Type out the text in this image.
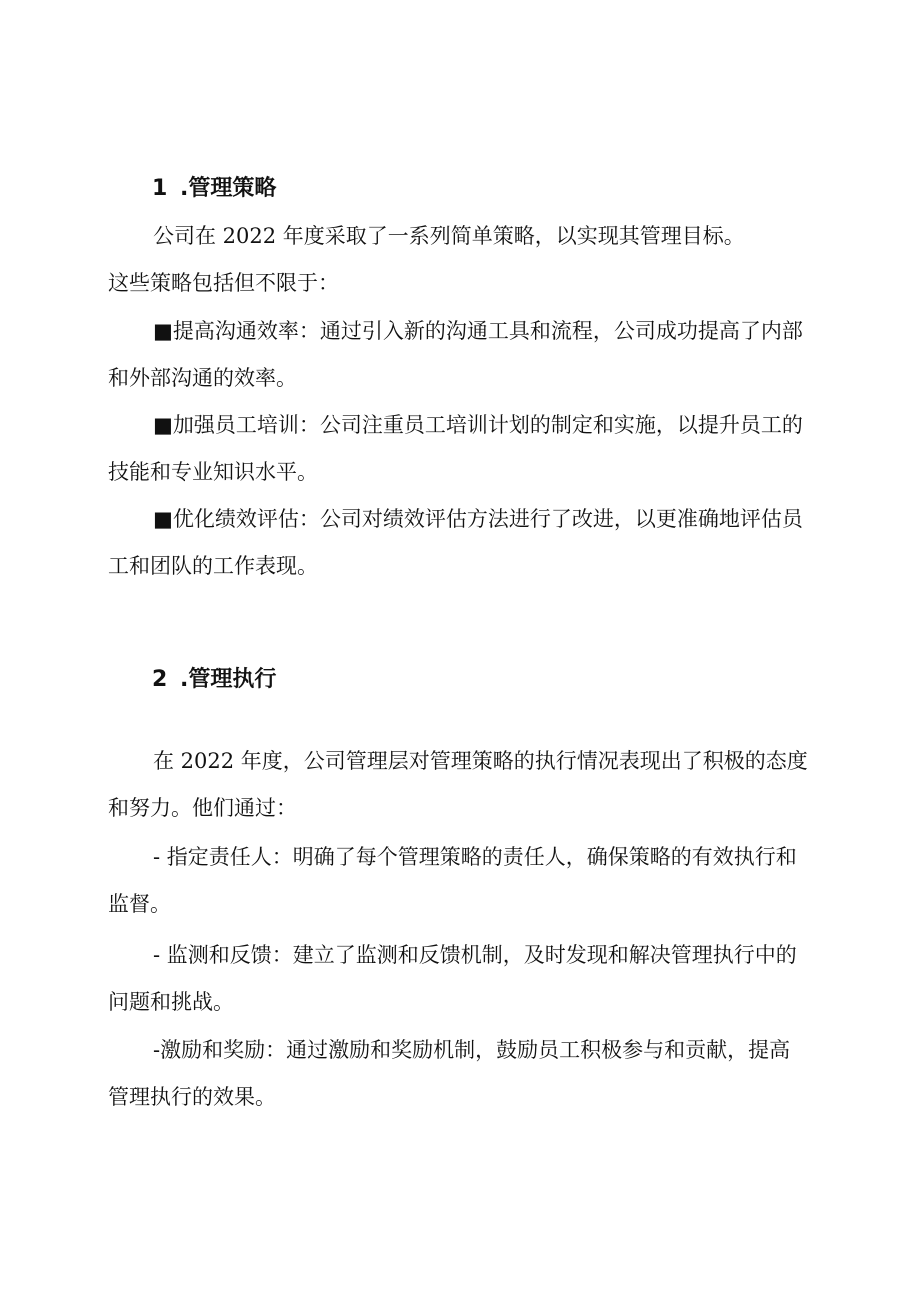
1 .管理策略
公司在 2022 年度采取了一系列简单策略，以实现其管理目标。
这些策略包括但不限于：
■提高沟通效率：通过引入新的沟通工具和流程，公司成功提高了内部
和外部沟通的效率。
■加强员工培训：公司注重员工培训计划的制定和实施，以提升员工的
技能和专业知识水平。
■优化绩效评估：公司对绩效评估方法进行了改进，以更准确地评估员
工和团队的工作表现。
2 .管理执行
在 2022 年度，公司管理层对管理策略的执行情况表现出了积极的态度
和努力。他们通过：
- 指定责任人：明确了每个管理策略的责任人，确保策略的有效执行和
监督。
- 监测和反馈：建立了监测和反馈机制，及时发现和解决管理执行中的
问题和挑战。
-激励和奖励：通过激励和奖励机制，鼓励员工积极参与和贡献，提高
管理执行的效果。
